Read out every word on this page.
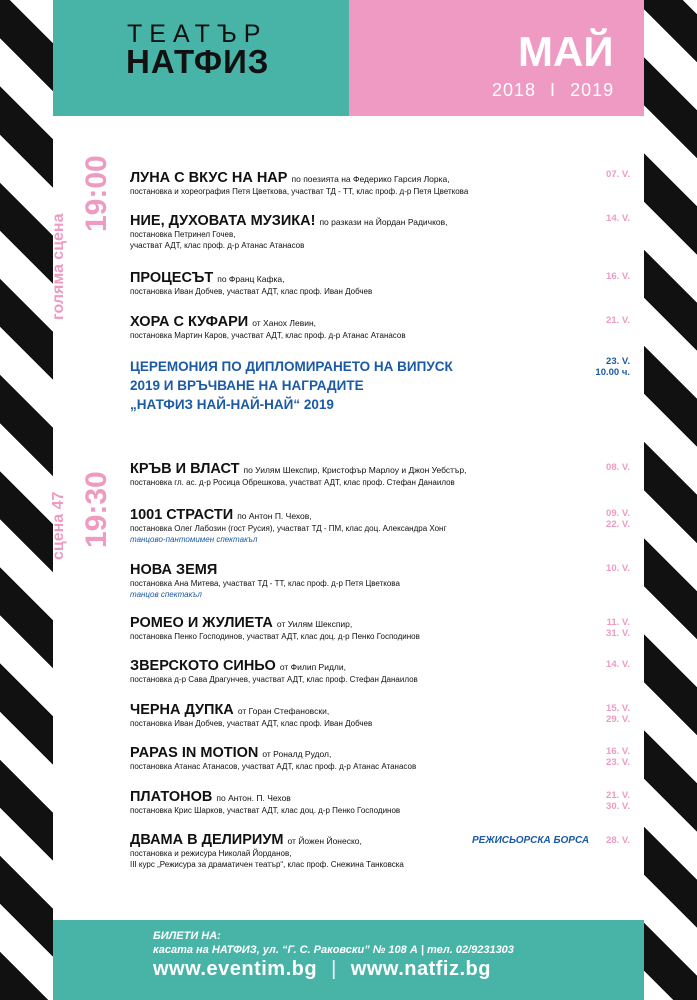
ТЕАТЪР
НАТФИЗ	МАЙ
2018 I 2019
голяма сцена
19:00
сцена 47 19:30
ЛУНА С ВКУС НА НАР по поезията на Федерико Гарсия Лорка,
постановка и хореография Петя Цветкова, участват ТД - ТТ, клас проф. д-р Петя Цветкова
07. V.
НИЕ, ДУХОВАТА МУЗИКА! по разкази на Йордан Радичков,
постановка Петринел Гочев,
участват АДТ, клас проф. д-р Атанас Атанасов
14. V.
ПРОЦЕСЪТ по Франц Кафка,
постановка Иван Добчев, участват АДТ, клас проф. Иван Добчев
16. V.
ХОРА С КУФАРИ от Ханох Левин,
постановка Мартин Каров, участват АДТ, клас проф. д-р Атанас Атанасов
21. V.
ЦЕРЕМОНИЯ ПО ДИПЛОМИРАНЕТО НА ВИПУСК
2019 И ВРЪЧВАНЕ НА НАГРАДИТЕ
„НАТФИЗ НАЙ-НАЙ-НАЙ“ 2019
23. V.
10.00 ч.
КРЪВ И ВЛАСТ по Уилям Шекспир, Кристофър Марлоу и Джон Уебстър,
постановка гл. ас. д-р Росица Обрешкова, участват АДТ, клас проф. Стефан Данаилов
08. V.
1001 СТРАСТИ по Антон П. Чехов,
постановка Олег Лабозин (гост Русия), участват ТД - ПМ, клас доц. Александра Хонг
танцово-пантомимен спектакъл
09. V.
22. V.
НОВА ЗЕМЯ
постановка Ана Митева, участват ТД - ТТ, клас проф. д-р Петя Цветкова
танцов спектакъл
10. V.
РОМЕО И ЖУЛИЕТА от Уилям Шекспир,
постановка Пенко Господинов, участват АДТ, клас доц. д-р Пенко Господинов
11. V.
31. V.
ЗВЕРСКОТО СИНЬО от Филип Ридли,
постановка д-р Сава Драгунчев, участват АДТ, клас проф. Стефан Данаилов
14. V.
ЧЕРНА ДУПКА от Горан Стефановски,
постановка Иван Добчев, участват АДТ, клас проф. Иван Добчев
15. V.
29. V.
PAPAS IN MOTION от Роналд Рудол,
постановка Атанас Атанасов, участват АДТ, клас проф. д-р Атанас Атанасов
16. V.
23. V.
ПЛАТОНОВ по Антон. П. Чехов
постановка Крис Шарков, участват АДТ, клас доц. д-р Пенко Господинов
21. V.
30. V.
ДВАМА В ДЕЛИРИУМ от Йожен Йонеско,
постановка и режисура Николай Йорданов,
III курс „Режисура за драматичен театър“, клас проф. Снежина Танковска
РЕЖИСЬОРСКА БОРСА 28. V.
БИЛЕТИ НА:
касата на НАТФИЗ, ул. “Г. С. Раковски” № 108 А | тел. 02/9231303
www.eventim.bg | www.natfiz.bg
